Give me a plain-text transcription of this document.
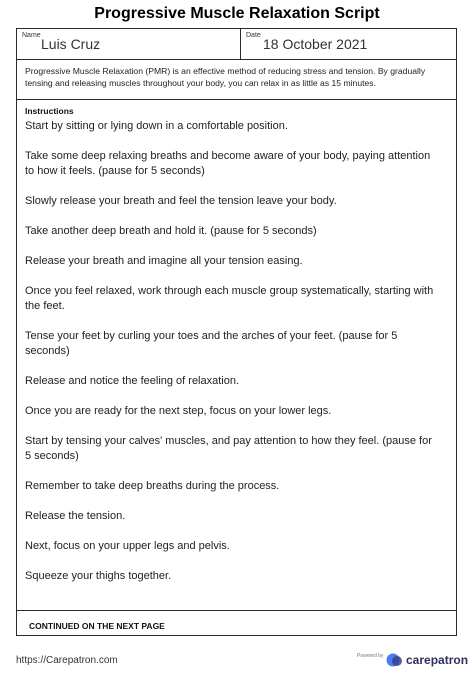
Progressive Muscle Relaxation Script
Name
Luis Cruz
Date
18 October 2021
Progressive Muscle Relaxation (PMR) is an effective method of reducing stress and tension. By gradually tensing and releasing muscles throughout your body, you can relax in as little as 15 minutes.
Instructions

Start by sitting or lying down in a comfortable position.

Take some deep relaxing breaths and become aware of your body, paying attention to how it feels. (pause for 5 seconds)

Slowly release your breath and feel the tension leave your body.

Take another deep breath and hold it. (pause for 5 seconds)

Release your breath and imagine all your tension easing.

Once you feel relaxed, work through each muscle group systematically, starting with the feet.

Tense your feet by curling your toes and the arches of your feet. (pause for 5 seconds)

Release and notice the feeling of relaxation.

Once you are ready for the next step, focus on your lower legs.

Start by tensing your calves' muscles, and pay attention to how they feel. (pause for 5 seconds)

Remember to take deep breaths during the process.

Release the tension.

Next, focus on your upper legs and pelvis.

Squeeze your thighs together.

CONTINUED ON THE NEXT PAGE
https://Carepatron.com	Powered by carepatron
